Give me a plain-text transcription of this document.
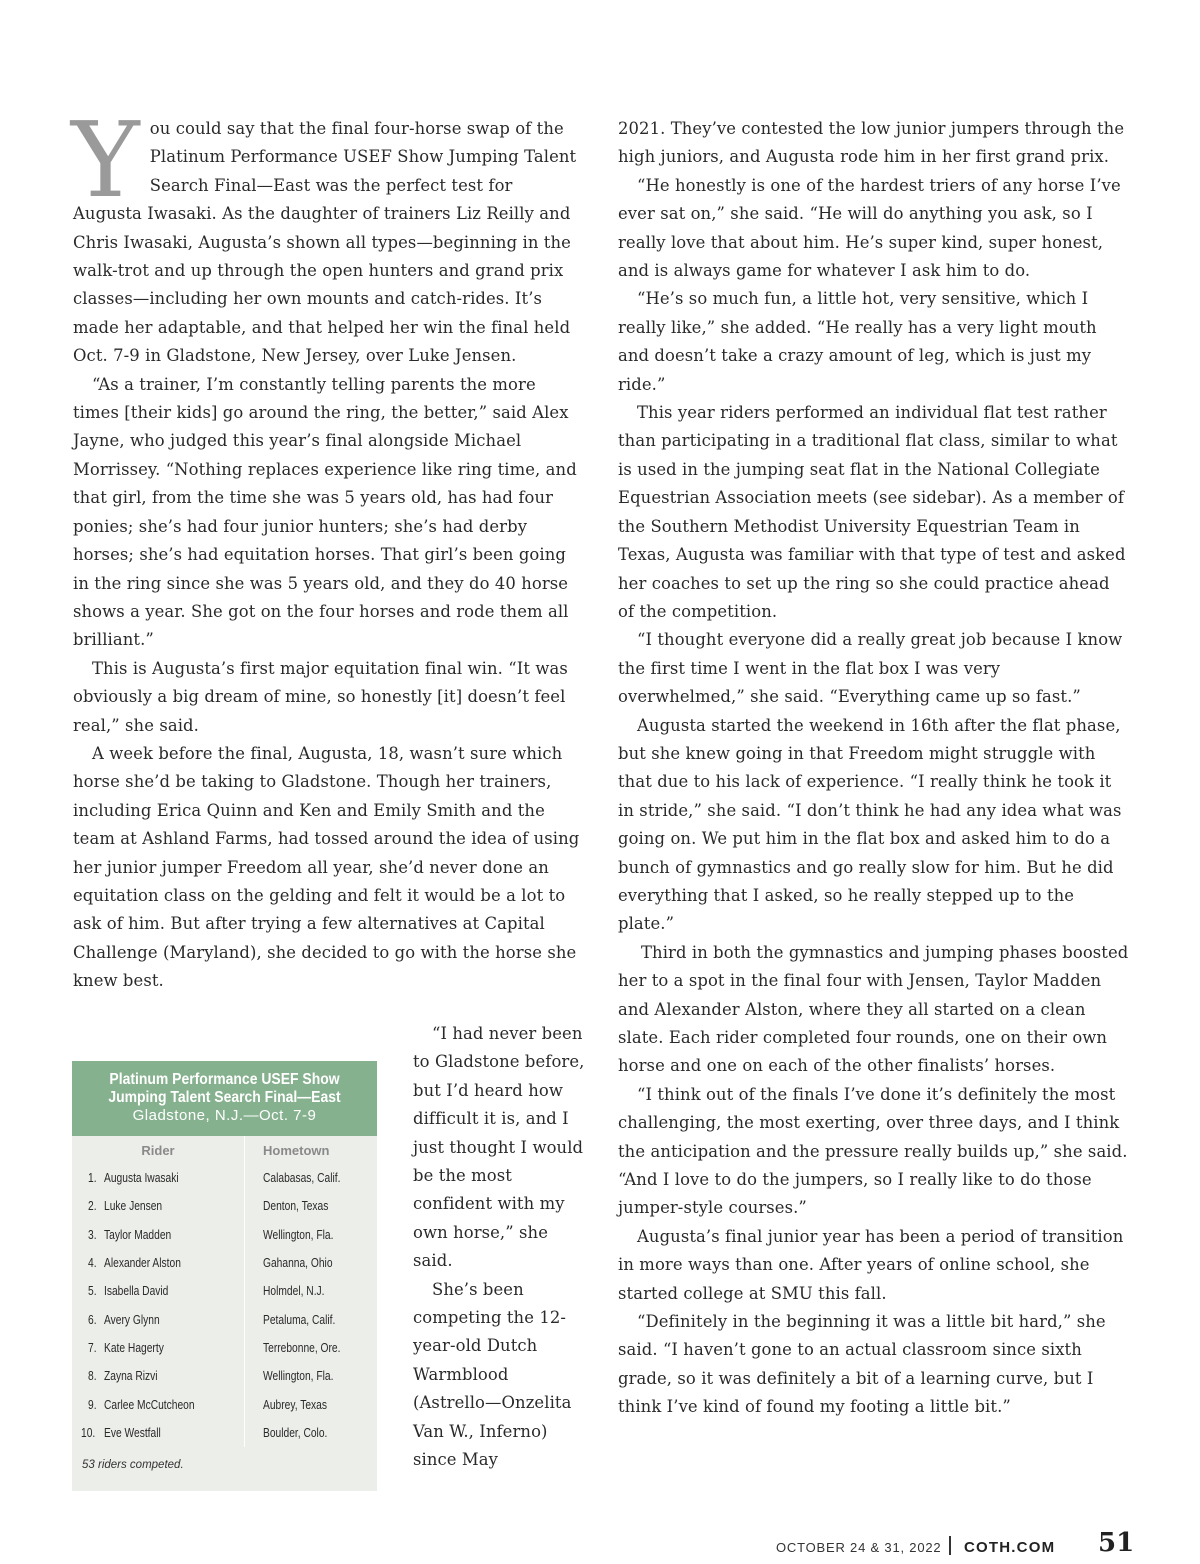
Y ou could say that the final four-horse swap of the Platinum Performance USEF Show Jumping Talent Search Final—East was the perfect test for Augusta Iwasaki. As the daughter of trainers Liz Reilly and Chris Iwasaki, Augusta’s shown all types—beginning in the walk-trot and up through the open hunters and grand prix classes—including her own mounts and catch-rides. It’s made her adaptable, and that helped her win the final held Oct. 7-9 in Gladstone, New Jersey, over Luke Jensen.

“As a trainer, I’m constantly telling parents the more times [their kids] go around the ring, the better,” said Alex Jayne, who judged this year’s final alongside Michael Morrissey. “Nothing replaces experience like ring time, and that girl, from the time she was 5 years old, has had four ponies; she’s had four junior hunters; she’s had derby horses; she’s had equitation horses. That girl’s been going in the ring since she was 5 years old, and they do 40 horse shows a year. She got on the four horses and rode them all brilliant.”

This is Augusta’s first major equitation final win. “It was obviously a big dream of mine, so honestly [it] doesn’t feel real,” she said.

A week before the final, Augusta, 18, wasn’t sure which horse she’d be taking to Gladstone. Though her trainers, including Erica Quinn and Ken and Emily Smith and the team at Ashland Farms, had tossed around the idea of using her junior jumper Freedom all year, she’d never done an equitation class on the gelding and felt it would be a lot to ask of him. But after trying a few alternatives at Capital Challenge (Maryland), she decided to go with the horse she knew best.

“I had never been to Gladstone before, but I’d heard how difficult it is, and I just thought I would be the most confident with my own horse,” she said.

She’s been competing the 12-year-old Dutch Warmblood (Astrello—Onzelita Van W., Inferno) since May

2021. They’ve contested the low junior jumpers through the high juniors, and Augusta rode him in her first grand prix.

“He honestly is one of the hardest triers of any horse I’ve ever sat on,” she said. “He will do anything you ask, so I really love that about him. He’s super kind, super honest, and is always game for whatever I ask him to do.

“He’s so much fun, a little hot, very sensitive, which I really like,” she added. “He really has a very light mouth and doesn’t take a crazy amount of leg, which is just my ride.”

This year riders performed an individual flat test rather than participating in a traditional flat class, similar to what is used in the jumping seat flat in the National Collegiate Equestrian Association meets (see sidebar). As a member of the Southern Methodist University Equestrian Team in Texas, Augusta was familiar with that type of test and asked her coaches to set up the ring so she could practice ahead of the competition.

“I thought everyone did a really great job because I know the first time I went in the flat box I was very overwhelmed,” she said. “Everything came up so fast.”

Augusta started the weekend in 16th after the flat phase, but she knew going in that Freedom might struggle with that due to his lack of experience. “I really think he took it in stride,” she said. “I don’t think he had any idea what was going on. We put him in the flat box and asked him to do a bunch of gymnastics and go really slow for him. But he did everything that I asked, so he really stepped up to the plate.”

Third in both the gymnastics and jumping phases boosted her to a spot in the final four with Jensen, Taylor Madden and Alexander Alston, where they all started on a clean slate. Each rider completed four rounds, one on their own horse and one on each of the other finalists’ horses.

“I think out of the finals I’ve done it’s definitely the most challenging, the most exerting, over three days, and I think the anticipation and the pressure really builds up,” she said. “And I love to do the jumpers, so I really like to do those jumper-style courses.”

Augusta’s final junior year has been a period of transition in more ways than one. After years of online school, she started college at SMU this fall.

“Definitely in the beginning it was a little bit hard,” she said. “I haven’t gone to an actual classroom since sixth grade, so it was definitely a bit of a learning curve, but I think I’ve kind of found my footing a little bit.”

Platinum Performance USEF Show Jumping Talent Search Final—East
Gladstone, N.J.—Oct. 7-9
Rider		Hometown
1.	Augusta Iwasaki	Calabasas, Calif.
2.	Luke Jensen	Denton, Texas
3.	Taylor Madden	Wellington, Fla.
4.	Alexander Alston	Gahanna, Ohio
5.	Isabella David	Holmdel, N.J.
6.	Avery Glynn	Petaluma, Calif.
7.	Kate Hagerty	Terrebonne, Ore.
8.	Zayna Rizvi	Wellington, Fla.
9.	Carlee McCutcheon	Aubrey, Texas
10.	Eve Westfall	Boulder, Colo.
53 riders competed.
OCTOBER 24 & 31, 2022 COTH.COM 51
